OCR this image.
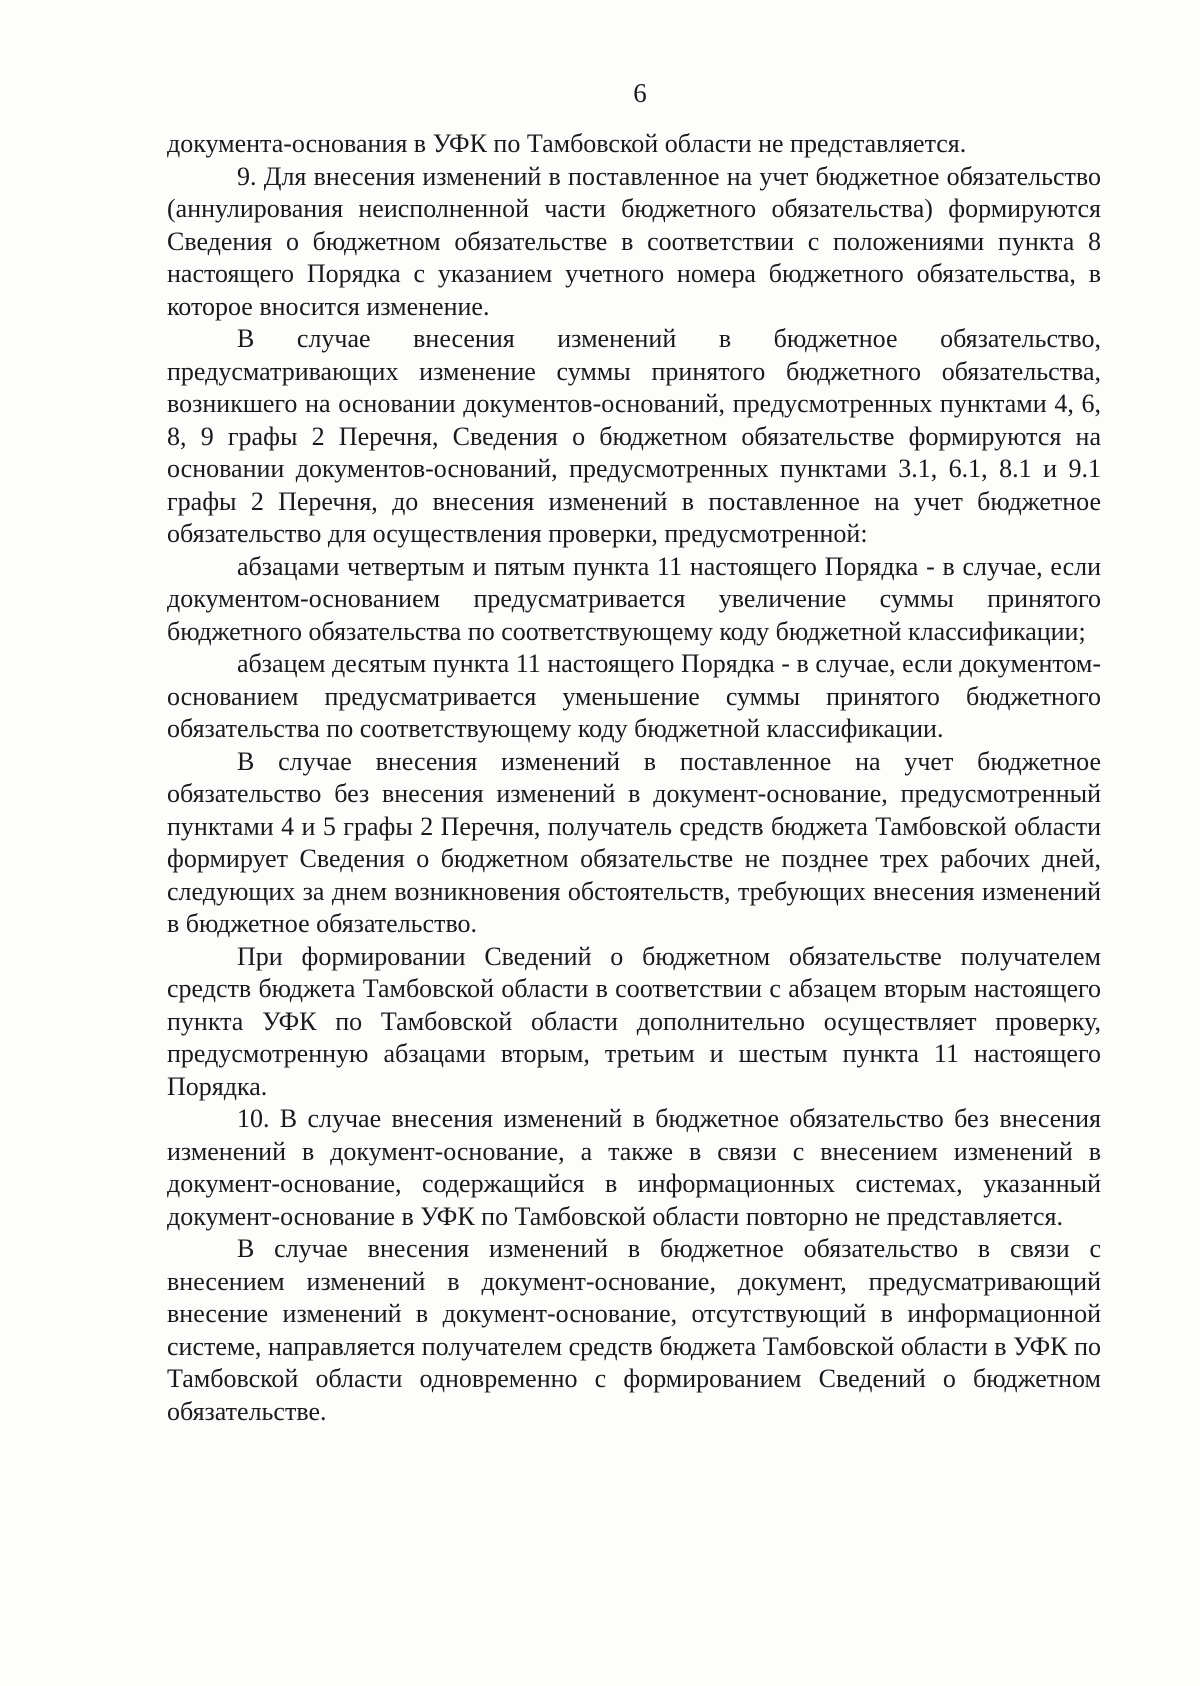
6

документа-основания в УФК по Тамбовской области не представляется.

9. Для внесения изменений в поставленное на учет бюджетное обязательство (аннулирования неисполненной части бюджетного обязательства) формируются Сведения о бюджетном обязательстве в соответствии с положениями пункта 8 настоящего Порядка с указанием учетного номера бюджетного обязательства, в которое вносится изменение.

В случае внесения изменений в бюджетное обязательство, предусматривающих изменение суммы принятого бюджетного обязательства, возникшего на основании документов-оснований, предусмотренных пунктами 4, 6, 8, 9 графы 2 Перечня, Сведения о бюджетном обязательстве формируются на основании документов-оснований, предусмотренных пунктами 3.1, 6.1, 8.1 и 9.1 графы 2 Перечня, до внесения изменений в поставленное на учет бюджетное обязательство для осуществления проверки, предусмотренной:

абзацами четвертым и пятым пункта 11 настоящего Порядка - в случае, если документом-основанием предусматривается увеличение суммы принятого бюджетного обязательства по соответствующему коду бюджетной классификации;

абзацем десятым пункта 11 настоящего Порядка - в случае, если документом-основанием предусматривается уменьшение суммы принятого бюджетного обязательства по соответствующему коду бюджетной классификации.

В случае внесения изменений в поставленное на учет бюджетное обязательство без внесения изменений в документ-основание, предусмотренный пунктами 4 и 5 графы 2 Перечня, получатель средств бюджета Тамбовской области формирует Сведения о бюджетном обязательстве не позднее трех рабочих дней, следующих за днем возникновения обстоятельств, требующих внесения изменений в бюджетное обязательство.

При формировании Сведений о бюджетном обязательстве получателем средств бюджета Тамбовской области в соответствии с абзацем вторым настоящего пункта УФК по Тамбовской области дополнительно осуществляет проверку, предусмотренную абзацами вторым, третьим и шестым пункта 11 настоящего Порядка.

10. В случае внесения изменений в бюджетное обязательство без внесения изменений в документ-основание, а также в связи с внесением изменений в документ-основание, содержащийся в информационных системах, указанный документ-основание в УФК по Тамбовской области повторно не представляется.

В случае внесения изменений в бюджетное обязательство в связи с внесением изменений в документ-основание, документ, предусматривающий внесение изменений в документ-основание, отсутствующий в информационной системе, направляется получателем средств бюджета Тамбовской области в УФК по Тамбовской области одновременно с формированием Сведений о бюджетном обязательстве.
